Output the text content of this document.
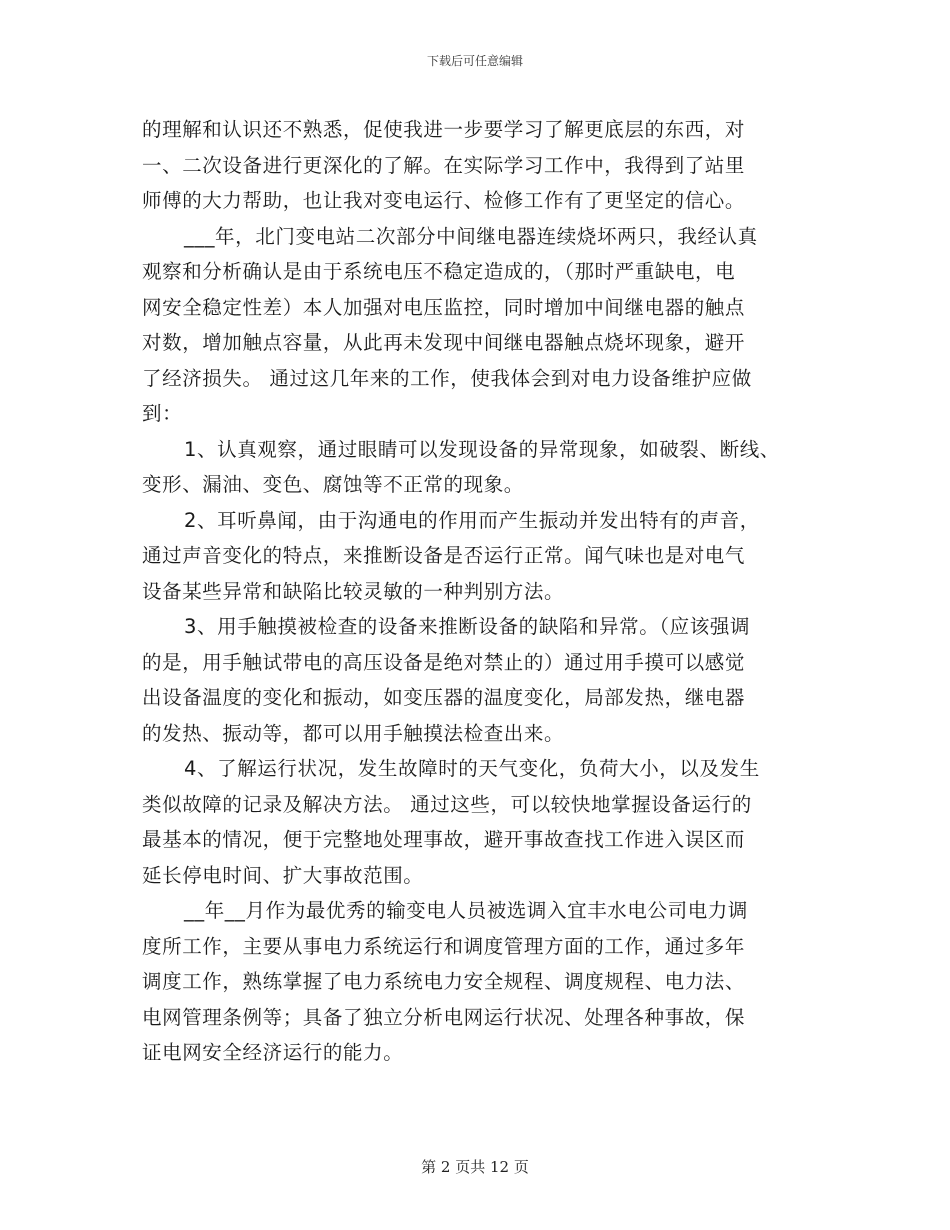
下载后可任意编辑
的理解和认识还不熟悉，促使我进一步要学习了解更底层的东西，对
一、二次设备进行更深化的了解。在实际学习工作中，我得到了站里
师傅的大力帮助，也让我对变电运行、检修工作有了更坚定的信心。
___年，北门变电站二次部分中间继电器连续烧坏两只，我经认真
观察和分析确认是由于系统电压不稳定造成的，（那时严重缺电，电
网安全稳定性差）本人加强对电压监控，同时增加中间继电器的触点
对数，增加触点容量，从此再未发现中间继电器触点烧坏现象，避开
了经济损失。 通过这几年来的工作，使我体会到对电力设备维护应做
到：
1、认真观察，通过眼睛可以发现设备的异常现象，如破裂、断线、
变形、漏油、变色、腐蚀等不正常的现象。
2、耳听鼻闻，由于沟通电的作用而产生振动并发出特有的声音，
通过声音变化的特点，来推断设备是否运行正常。闻气味也是对电气
设备某些异常和缺陷比较灵敏的一种判别方法。
3、用手触摸被检查的设备来推断设备的缺陷和异常。（应该强调
的是，用手触试带电的高压设备是绝对禁止的）通过用手摸可以感觉
出设备温度的变化和振动，如变压器的温度变化，局部发热，继电器
的发热、振动等，都可以用手触摸法检查出来。
4、了解运行状况，发生故障时的天气变化，负荷大小，以及发生
类似故障的记录及解决方法。 通过这些，可以较快地掌握设备运行的
最基本的情况，便于完整地处理事故，避开事故查找工作进入误区而
延长停电时间、扩大事故范围。
__年__月作为最优秀的输变电人员被选调入宜丰水电公司电力调
度所工作，主要从事电力系统运行和调度管理方面的工作，通过多年
调度工作，熟练掌握了电力系统电力安全规程、调度规程、电力法、
电网管理条例等；具备了独立分析电网运行状况、处理各种事故，保
证电网安全经济运行的能力。
第 2 页共 12 页
